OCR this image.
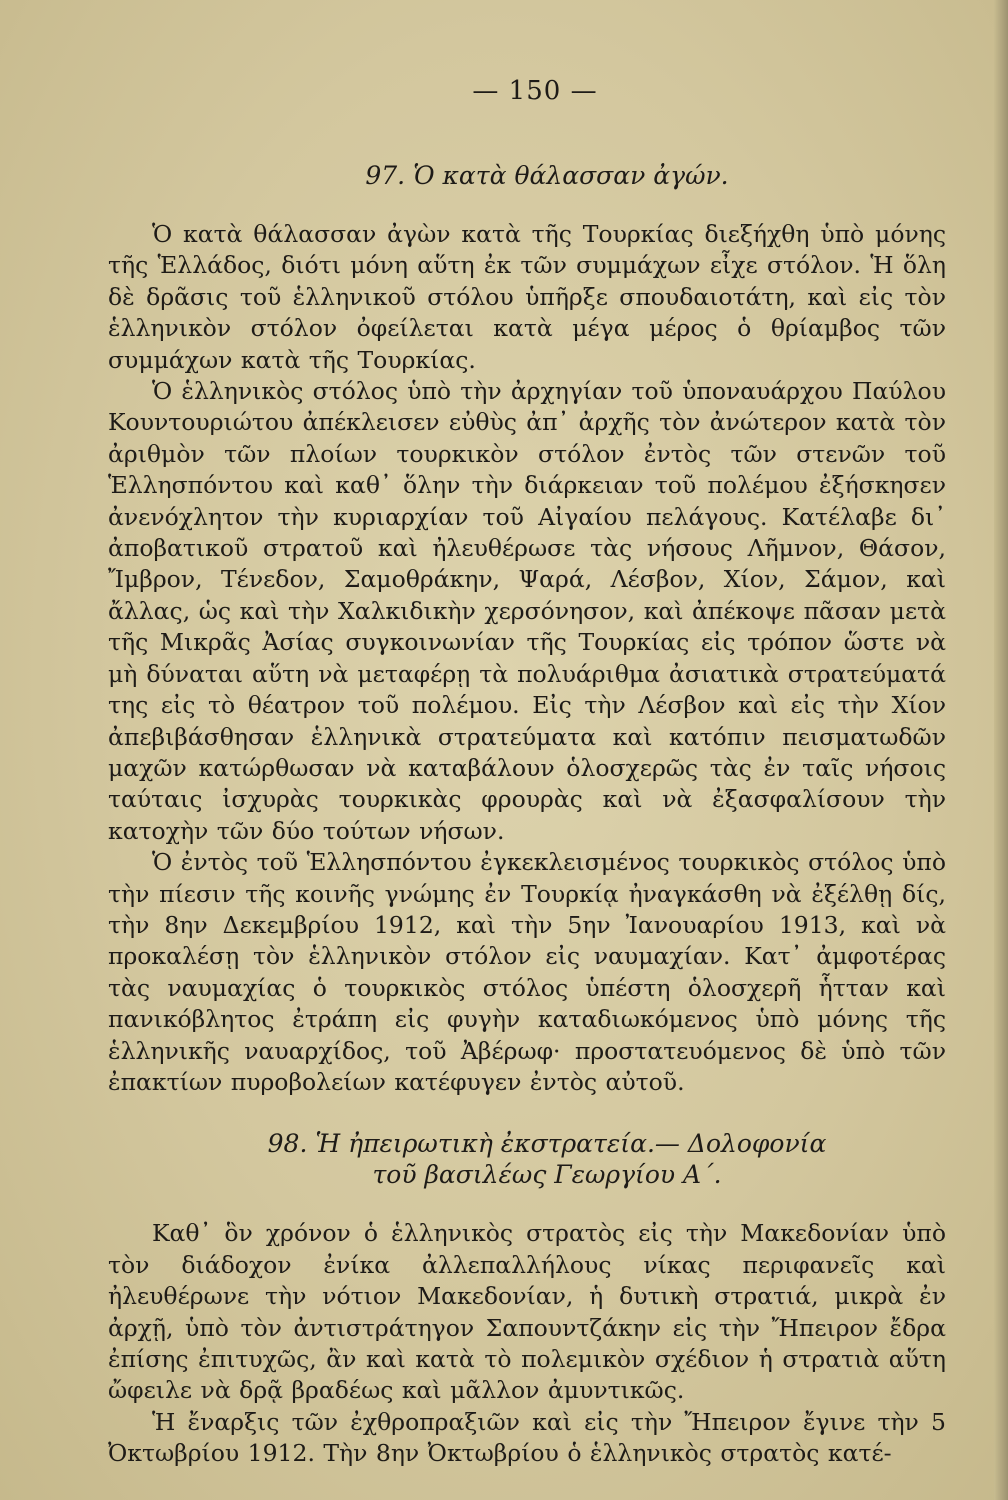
— 150 —
97. Ὁ κατὰ θάλασσαν ἀγών.

Ὁ κατὰ θάλασσαν ἀγὼν κατὰ τῆς Τουρκίας διεξήχθη ὑπὸ μόνης τῆς Ἑλλάδος, διότι μόνη αὕτη ἐκ τῶν συμμάχων εἶχε στόλον. Ἡ ὅλη δὲ δρᾶσις τοῦ ἑλληνικοῦ στόλου ὑπῆρξε σπουδαιοτάτη, καὶ εἰς τὸν ἑλληνικὸν στόλον ὀφείλεται κατὰ μέγα μέρος ὁ θρίαμβος τῶν συμμάχων κατὰ τῆς Τουρκίας.

Ὁ ἑλληνικὸς στόλος ὑπὸ τὴν ἀρχηγίαν τοῦ ὑποναυάρχου Παύλου Κουντουριώτου ἀπέκλεισεν εὐθὺς ἀπ᾿ ἀρχῆς τὸν ἀνώτερον κατὰ τὸν ἀριθμὸν τῶν πλοίων τουρκικὸν στόλον ἐντὸς τῶν στενῶν τοῦ Ἑλλησπόντου καὶ καθ᾿ ὅλην τὴν διάρκειαν τοῦ πολέμου ἐξήσκησεν ἀνενόχλητον τὴν κυριαρχίαν τοῦ Αἰγαίου πελάγους. Κατέλαβε δι᾿ ἀποβατικοῦ στρατοῦ καὶ ἠλευθέρωσε τὰς νήσους Λῆμνον, Θάσον, Ἴμβρον, Τένεδον, Σαμοθράκην, Ψαρά, Λέσβον, Χίον, Σάμον, καὶ ἄλλας, ὡς καὶ τὴν Χαλκιδικὴν χερσόνησον, καὶ ἀπέκοψε πᾶσαν μετὰ τῆς Μικρᾶς Ἀσίας συγκοινωνίαν τῆς Τουρκίας εἰς τρόπον ὥστε νὰ μὴ δύναται αὕτη νὰ μεταφέρῃ τὰ πολυάριθμα ἀσιατικὰ στρατεύματά της εἰς τὸ θέατρον τοῦ πολέμου. Εἰς τὴν Λέσβον καὶ εἰς τὴν Χίον ἀπεβιβάσθησαν ἑλληνικὰ στρατεύματα καὶ κατόπιν πεισματωδῶν μαχῶν κατώρθωσαν νὰ καταβάλουν ὁλοσχερῶς τὰς ἐν ταῖς νήσοις ταύταις ἰσχυρὰς τουρκικὰς φρουρὰς καὶ νὰ ἐξασφαλίσουν τὴν κατοχὴν τῶν δύο τούτων νήσων.

Ὁ ἐντὸς τοῦ Ἑλλησπόντου ἐγκεκλεισμένος τουρκικὸς στόλος ὑπὸ τὴν πίεσιν τῆς κοινῆς γνώμης ἐν Τουρκίᾳ ἠναγκάσθη νὰ ἐξέλθῃ δίς, τὴν 8ην Δεκεμβρίου 1912, καὶ τὴν 5ην Ἰανουαρίου 1913, καὶ νὰ προκαλέσῃ τὸν ἑλληνικὸν στόλον εἰς ναυμαχίαν. Κατ᾿ ἀμφοτέρας τὰς ναυμαχίας ὁ τουρκικὸς στόλος ὑπέστη ὁλοσχερῆ ἧτταν καὶ πανικόβλητος ἐτράπη εἰς φυγὴν καταδιωκόμενος ὑπὸ μόνης τῆς ἑλληνικῆς ναυαρχίδος, τοῦ Ἀβέρωφ· προστατευόμενος δὲ ὑπὸ τῶν ἐπακτίων πυροβολείων κατέφυγεν ἐντὸς αὐτοῦ.

98. Ἡ ἠπειρωτικὴ ἐκστρατεία.— Δολοφονία
τοῦ βασιλέως Γεωργίου Α΄.

Καθ᾿ ὃν χρόνον ὁ ἑλληνικὸς στρατὸς εἰς τὴν Μακεδονίαν ὑπὸ τὸν διάδοχον ἐνίκα ἀλλεπαλλήλους νίκας περιφανεῖς καὶ ἠλευθέρωνε τὴν νότιον Μακεδονίαν, ἡ δυτικὴ στρατιά, μικρὰ ἐν ἀρχῇ, ὑπὸ τὸν ἀντιστράτηγον Σαπουντζάκην εἰς τὴν Ἤπειρον ἔδρα ἐπίσης ἐπιτυχῶς, ἂν καὶ κατὰ τὸ πολεμικὸν σχέδιον ἡ στρατιὰ αὕτη ὤφειλε νὰ δρᾷ βραδέως καὶ μᾶλλον ἀμυντικῶς.

Ἡ ἔναρξις τῶν ἐχθροπραξιῶν καὶ εἰς τὴν Ἤπειρον ἔγινε τὴν 5 Ὀκτωβρίου 1912. Τὴν 8ην Ὀκτωβρίου ὁ ἑλληνικὸς στρατὸς κατέ-
